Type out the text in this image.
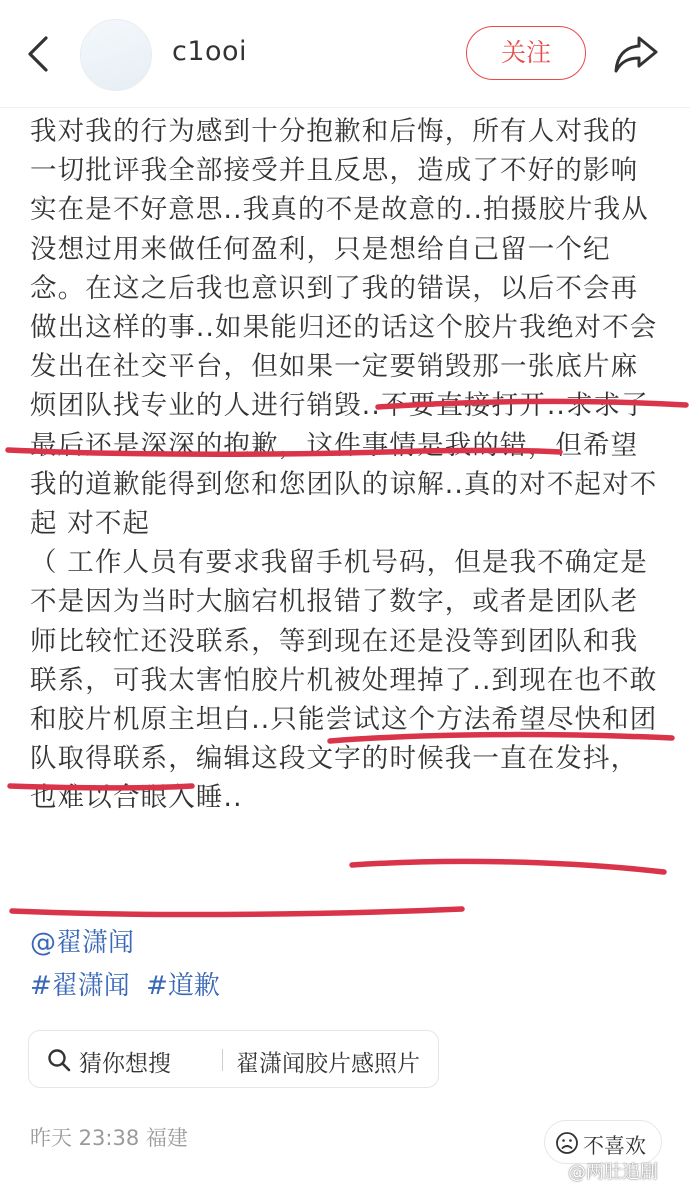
c1ooi	关注

我对我的行为感到十分抱歉和后悔，所有人对我的一切批评我全部接受并且反思，造成了不好的影响实在是不好意思..我真的不是故意的..拍摄胶片我从没想过用来做任何盈利，只是想给自己留一个纪念。在这之后我也意识到了我的错误，以后不会再做出这样的事..如果能归还的话这个胶片我绝对不会发出在社交平台，但如果一定要销毁那一张底片麻烦团队找专业的人进行销毁..不要直接打开..求求了

最后还是深深的抱歉，这件事情是我的错，但希望我的道歉能得到您和您团队的谅解..真的对不起对不起 对不起

（ 工作人员有要求我留手机号码，但是我不确定是不是因为当时大脑宕机报错了数字，或者是团队老师比较忙还没联系，等到现在还是没等到团队和我联系，可我太害怕胶片机被处理掉了..到现在也不敢和胶片机原主坦白..只能尝试这个方法希望尽快和团队取得联系，编辑这段文字的时候我一直在发抖，也难以合眼入睡..

@翟潇闻
#翟潇闻 #道歉
猜你想搜	翟潇闻胶片感照片
昨天 23:38 福建	不喜欢
@两肚追剧
